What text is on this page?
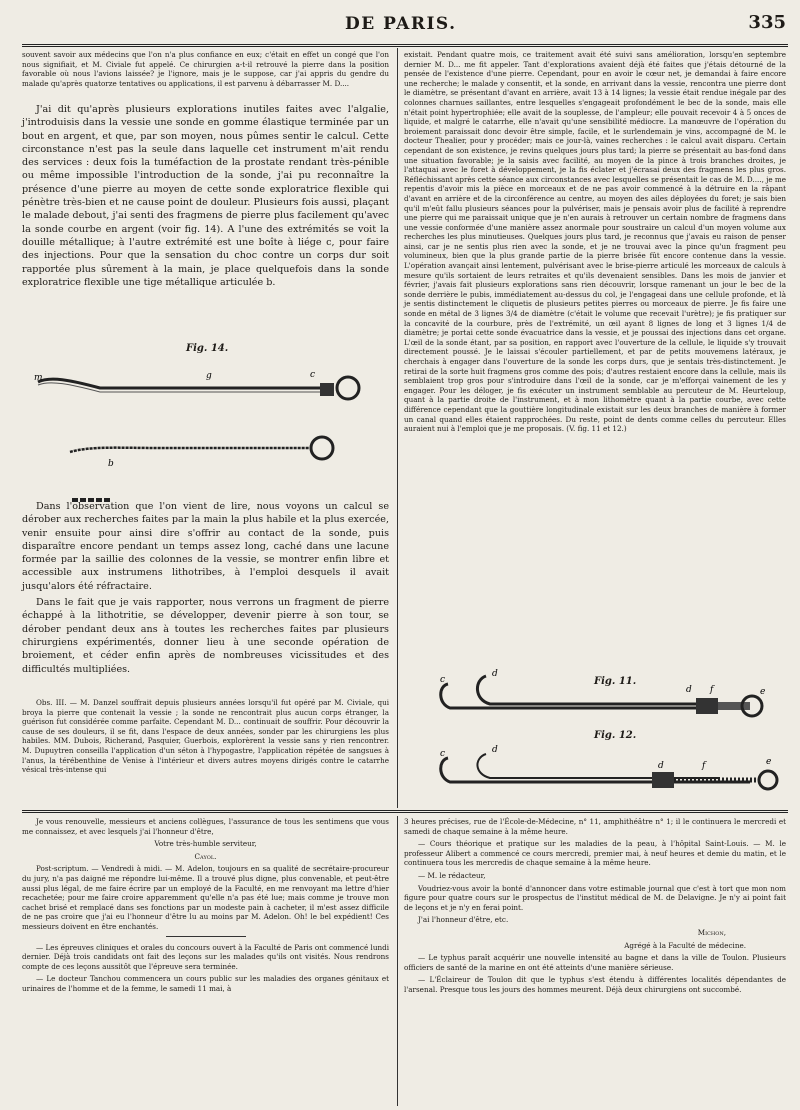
DE PARIS.	335

souvent savoir aux médecins que l'on n'a plus confiance en eux; c'était en effet un congé que l'on nous signifiait, et M. Civiale fut appelé. Ce chirurgien a-t-il retrouvé la pierre dans la position favorable où nous l'avions laissée? je l'ignore, mais je le suppose, car j'ai appris du gendre du malade qu'après quatorze tentatives ou applications, il est parvenu à débarrasser M. D....

J'ai dit qu'après plusieurs explorations inutiles faites avec l'algalie, j'introduisis dans la vessie une sonde en gomme élastique terminée par un bout en argent, et que, par son moyen, nous pûmes sentir le calcul. Cette circonstance n'est pas la seule dans laquelle cet instrument m'ait rendu des services : deux fois la tuméfaction de la prostate rendant très-pénible ou même impossible l'introduction de la sonde, j'ai pu reconnaître la présence d'une pierre au moyen de cette sonde exploratrice flexible qui pénètre très-bien et ne cause point de douleur. Plusieurs fois aussi, plaçant le malade debout, j'ai senti des fragmens de pierre plus facilement qu'avec la sonde courbe en argent (voir fig. 14). A l'une des extrémités se voit la douille métallique; à l'autre extrémité est une boîte à liége c, pour faire des injections. Pour que la sensation du choc contre un corps dur soit rapportée plus sûrement à la main, je place quelquefois dans la sonde exploratrice flexible une tige métallique articulée b.

Fig. 14.
m	g	c
b

Dans l'observation que l'on vient de lire, nous voyons un calcul se dérober aux recherches faites par la main la plus habile et la plus exercée, venir ensuite pour ainsi dire s'offrir au contact de la sonde, puis disparaître encore pendant un temps assez long, caché dans une lacune formée par la saillie des colonnes de la vessie, se montrer enfin libre et accessible aux instrumens lithotribes, à l'emploi desquels il avait jusqu'alors été réfractaire.

Dans le fait que je vais rapporter, nous verrons un fragment de pierre échappé à la lithotritie, se développer, devenir pierre à son tour, se dérober pendant deux ans à toutes les recherches faites par plusieurs chirurgiens expérimentés, donner lieu à une seconde opération de broiement, et céder enfin après de nombreuses vicissitudes et des difficultés multipliées.

Obs. III. — M. Danzel souffrait depuis plusieurs années lorsqu'il fut opéré par M. Civiale, qui broya la pierre que contenait la vessie ; la sonde ne rencontrait plus aucun corps étranger, la guérison fut considérée comme parfaite. Cependant M. D... continuait de souffrir. Pour découvrir la cause de ses douleurs, il se fit, dans l'espace de deux années, sonder par les chirurgiens les plus habiles. MM. Dubois, Richerand, Pasquier, Guerbois, explorèrent la vessie sans y rien rencontrer. M. Dupuytren conseilla l'application d'un séton à l'hypogastre, l'application répétée de sangsues à l'anus, la térébenthine de Venise à l'intérieur et divers autres moyens dirigés contre le catarrhe vésical très-intense qui

existait. Pendant quatre mois, ce traitement avait été suivi sans amélioration, lorsqu'en septembre dernier M. D... me fit appeler. Tant d'explorations avaient déjà été faites que j'étais détourné de la pensée de l'existence d'une pierre. Cependant, pour en avoir le cœur net, je demandai à faire encore une recherche; le malade y consentit, et la sonde, en arrivant dans la vessie, rencontra une pierre dont le diamètre, se présentant d'avant en arrière, avait 13 à 14 lignes; la vessie était rendue inégale par des colonnes charnues saillantes, entre lesquelles s'engageait profondément le bec de la sonde, mais elle n'était point hypertrophiée; elle avait de la souplesse, de l'ampleur; elle pouvait recevoir 4 à 5 onces de liquide, et malgré le catarrhe, elle n'avait qu'une sensibilité médiocre. La manœuvre de l'opération du broiement paraissait donc devoir être simple, facile, et le surlendemain je vins, accompagné de M. le docteur Thealier, pour y procéder; mais ce jour-là, vaines recherches : le calcul avait disparu. Certain cependant de son existence, je revins quelques jours plus tard; la pierre se présentait au bas-fond dans une situation favorable; je la saisis avec facilité, au moyen de la pince à trois branches droites, je l'attaquai avec le foret à développement, je la fis éclater et j'écrasai deux des fragmens les plus gros. Réfléchissant après cette séance aux circonstances avec lesquelles se présentait le cas de M. D...., je me repentis d'avoir mis la pièce en morceaux et de ne pas avoir commencé à la détruire en la râpant d'avant en arrière et de la circonférence au centre, au moyen des ailes déployées du foret; je sais bien qu'il m'eût fallu plusieurs séances pour la pulvériser, mais je pensais avoir plus de facilité à reprendre une pierre qui me paraissait unique que je n'en aurais à retrouver un certain nombre de fragmens dans une vessie conformée d'une manière assez anormale pour soustraire un calcul d'un moyen volume aux recherches les plus minutieuses. Quelques jours plus tard, je reconnus que j'avais eu raison de penser ainsi, car je ne sentis plus rien avec la sonde, et je ne trouvai avec la pince qu'un fragment peu volumineux, bien que la plus grande partie de la pierre brisée fût encore contenue dans la vessie. L'opération avançait ainsi lentement, pulvérisant avec le brise-pierre articulé les morceaux de calculs à mesure qu'ils sortaient de leurs retraites et qu'ils devenaient sensibles. Dans les mois de janvier et février, j'avais fait plusieurs explorations sans rien découvrir, lorsque ramenant un jour le bec de la sonde derrière le pubis, immédiatement au-dessus du col, je l'engageai dans une cellule profonde, et là je sentis distinctement le cliquetis de plusieurs petites pierres ou morceaux de pierre. Je fis faire une sonde en métal de 3 lignes 3/4 de diamètre (c'était le volume que recevait l'urètre); je fis pratiquer sur la concavité de la courbure, près de l'extrémité, un œil ayant 8 lignes de long et 3 lignes 1/4 de diamètre; je portai cette sonde évacuatrice dans la vessie, et je poussai des injections dans cet organe. L'œil de la sonde étant, par sa position, en rapport avec l'ouverture de la cellule, le liquide s'y trouvait directement poussé. Je le laissai s'écouler partiellement, et par de petits mouvemens latéraux, je cherchais à engager dans l'ouverture de la sonde les corps durs, que je sentais très-distinctement. Je retirai de la sorte huit fragmens gros comme des pois; d'autres restaient encore dans la cellule, mais ils semblaient trop gros pour s'introduire dans l'œil de la sonde, car je m'efforçai vainement de les y engager. Pour les déloger, je fis exécuter un instrument semblable au percuteur de M. Heurteloup, quant à la partie droite de l'instrument, et à mon lithomètre quant à la partie courbe, avec cette différence cependant que la gouttière longitudinale existait sur les deux branches de manière à former un canal quand elles étaient rapprochées. Du reste, point de dents comme celles du percuteur. Elles auraient nui à l'emploi que je me proposais. (V. fig. 11 et 12.)

Fig. 11.
c
d
d f	e
c	d
d	f	e
Fig. 12.

Je vous renouvelle, messieurs et anciens collègues, l'assurance de tous les sentimens que vous me connaissez, et avec lesquels j'ai l'honneur d'être,

Votre très-humble serviteur,

Cayol.

Post-scriptum. — Vendredi à midi. — M. Adelon, toujours en sa qualité de secrétaire-procureur du jury, n'a pas daigné me répondre lui-même. Il a trouvé plus digne, plus convenable, et peut-être aussi plus légal, de me faire écrire par un employé de la Faculté, en me renvoyant ma lettre d'hier recachetée; pour me faire croire apparemment qu'elle n'a pas été lue; mais comme je trouve mon cachet brisé et remplacé dans ses fonctions par un modeste pain à cacheter, il m'est assez difficile de ne pas croire que j'ai eu l'honneur d'être lu au moins par M. Adelon. Oh! le bel expédient! Ces messieurs doivent en être enchantés.

— Les épreuves cliniques et orales du concours ouvert à la Faculté de Paris ont commencé lundi dernier. Déjà trois candidats ont fait des leçons sur les malades qu'ils ont visités. Nous rendrons compte de ces leçons aussitôt que l'épreuve sera terminée.

— Le docteur Tanchou commencera un cours public sur les maladies des organes génitaux et urinaires de l'homme et de la femme, le samedi 11 mai, à

3 heures précises, rue de l'École-de-Médecine, n° 11, amphithéâtre n° 1; il le continuera le mercredi et samedi de chaque semaine à la même heure.

— Cours théorique et pratique sur les maladies de la peau, à l'hôpital Saint-Louis. — M. le professeur Alibert a commencé ce cours mercredi, premier mai, à neuf heures et demie du matin, et le continuera tous les mercredis de chaque semaine à la même heure.

— M. le rédacteur,

Voudriez-vous avoir la bonté d'annoncer dans votre estimable journal que c'est à tort que mon nom figure pour quatre cours sur le prospectus de l'institut médical de M. de Delavigne. Je n'y ai point fait de leçons et je n'y en ferai point.

J'ai l'honneur d'être, etc.

Michon,

Agrégé à la Faculté de médecine.

— Le typhus paraît acquérir une nouvelle intensité au bagne et dans la ville de Toulon. Plusieurs officiers de santé de la marine en ont été atteints d'une manière sérieuse.

— L'Éclaireur de Toulon dit que le typhus s'est étendu à différentes localités dépendantes de l'arsenal. Presque tous les jours des hommes meurent. Déjà deux chirurgiens ont succombé.
